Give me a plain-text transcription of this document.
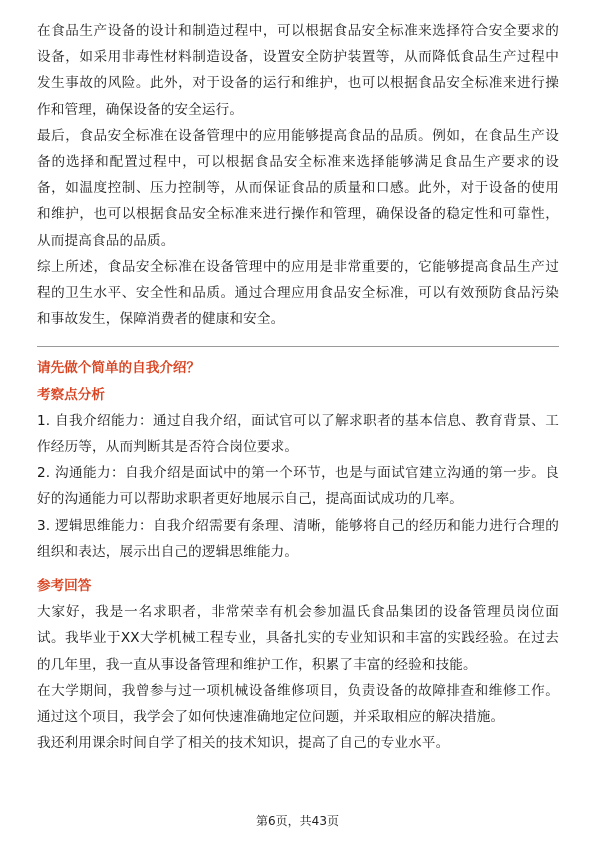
在食品生产设备的设计和制造过程中，可以根据食品安全标准来选择符合安全要求的设备，如采用非毒性材料制造设备，设置安全防护装置等，从而降低食品生产过程中发生事故的风险。此外，对于设备的运行和维护，也可以根据食品安全标准来进行操作和管理，确保设备的安全运行。

最后，食品安全标准在设备管理中的应用能够提高食品的品质。例如，在食品生产设备的选择和配置过程中，可以根据食品安全标准来选择能够满足食品生产要求的设备，如温度控制、压力控制等，从而保证食品的质量和口感。此外，对于设备的使用和维护，也可以根据食品安全标准来进行操作和管理，确保设备的稳定性和可靠性，从而提高食品的品质。

综上所述，食品安全标准在设备管理中的应用是非常重要的，它能够提高食品生产过程的卫生水平、安全性和品质。通过合理应用食品安全标准，可以有效预防食品污染和事故发生，保障消费者的健康和安全。

请先做个简单的自我介绍？

考察点分析

1. 自我介绍能力：通过自我介绍，面试官可以了解求职者的基本信息、教育背景、工作经历等，从而判断其是否符合岗位要求。

2. 沟通能力：自我介绍是面试中的第一个环节，也是与面试官建立沟通的第一步。良好的沟通能力可以帮助求职者更好地展示自己，提高面试成功的几率。

3. 逻辑思维能力：自我介绍需要有条理、清晰，能够将自己的经历和能力进行合理的组织和表达，展示出自己的逻辑思维能力。

参考回答

大家好，我是一名求职者，非常荣幸有机会参加温氏食品集团的设备管理员岗位面试。我毕业于XX大学机械工程专业，具备扎实的专业知识和丰富的实践经验。在过去的几年里，我一直从事设备管理和维护工作，积累了丰富的经验和技能。

在大学期间，我曾参与过一项机械设备维修项目，负责设备的故障排查和维修工作。通过这个项目，我学会了如何快速准确地定位问题，并采取相应的解决措施。

我还利用课余时间自学了相关的技术知识，提高了自己的专业水平。

第6页，共43页
